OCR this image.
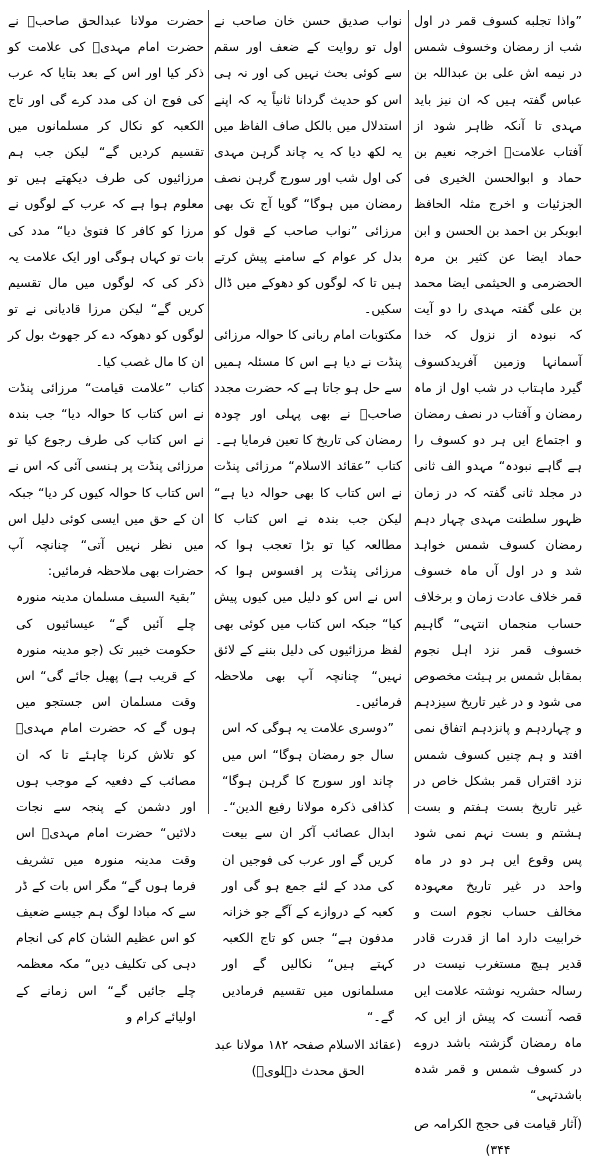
”واذا تجلبه کسوف قمر در اول شب از رمضان وخسوف شمس در نیمه اش علی بن عبداللہ بن عباس گفتہ ہیں کہ ان نیز باید مہدی تا آنکہ ظاہر شود از آفتاب علامتؒ اخرجہ نعیم بن حماد و ابوالحسن الخیری فی الجزئیات و اخرج مثلہ الحافظ ابوبکر بن احمد بن الحسن و ابن حماد ایضا عن کثیر بن مرہ الحضرمی و الحیثمی ایضا محمد بن علی گفتہ مہدی را دو آیت کہ نبودہ از نزول کہ خدا آسمانہا وزمین آفریدکسوف گیرد ماہتاب در شب اول از ماہ رمضان و آفتاب در نصف رمضان و اجتماع ایں ہر دو کسوف را ہے گاہے نبودہ“ مہدو الف ثانی در مجلد ثانی گفتہ کہ در زمان ظہور سلطنت مہدی چہار دہم رمضان کسوف شمس خواہد شد و در اول آں ماہ خسوف قمر خلاف عادت زمان و برخلاف حساب منجماں انتہی“ گاہیم خسوف قمر نزد اہل نجوم بمقابل شمس بر ہیئت مخصوص می شود و در غیر تاریخ سیزدہم و چہاردہم و پانزدہم اتفاق نمی افتد و ہم چنیں کسوف شمس نزد اقتراں قمر بشکل خاص در غیر تاریخ بست ہفتم و بست ہشتم و بست نہم نمی شود پس وقوع ایں ہر دو در ماہ واحد در غیر تاریخ معہودہ مخالف حساب نجوم است و خرابیت دارد اما از قدرت قادر قدیر ہیچ مستغرب نیست در رسالہ حشریہ نوشتہ علامت ایں قصہ آنست کہ پیش از ایں کہ ماہ رمضان گزشتہ باشد دروے در کسوف شمس و قمر شدہ باشدتہی“

(آثار قیامت فی حجج الکرامہ ص ۳۴۴)

نواب صدیق حسن خان صاحب نے اول تو روایت کے ضعف اور سقم سے کوئی بحث نہیں کی اور نہ ہی اس کو حدیث گردانا ثانیاً یہ کہ اپنے استدلال میں بالکل صاف الفاظ میں یہ لکھ دیا کہ یہ چاند گرہن مہدی کی اول شب اور سورج گرہن نصف رمضان میں ہوگا“ گویا آج تک بھی مرزائی ”نواب صاحب کے قول کو بدل کر عوام کے سامنے پیش کرتے ہیں تا کہ لوگوں کو دھوکے میں ڈال سکیں۔

مکتوبات امام ربانی کا حوالہ مرزائی پنڈت نے دیا ہے اس کا مسئلہ ہمیں سے حل ہو جاتا ہے کہ حضرت مجدد صاحبؒ نے بھی پہلی اور چودہ رمضان کی تاریخ کا تعین فرمایا ہے۔

کتاب ”عقائد الاسلام“ مرزائی پنڈت نے اس کتاب کا بھی حوالہ دیا ہے“ لیکن جب بندہ نے اس کتاب کا مطالعہ کیا تو بڑا تعجب ہوا کہ مرزائی پنڈت پر افسوس ہوا کہ اس نے اس کو دلیل میں کیوں پیش کیا“ جبکہ اس کتاب میں کوئی بھی لفظ مرزائیوں کی دلیل بننے کے لائق نہیں“ چنانچہ آپ بھی ملاحظہ فرمائیں۔

”دوسری علامت یہ ہوگی کہ اس سال جو رمضان ہوگا“ اس میں چاند اور سورج کا گرہن ہوگا“ کذافی ذکرہ مولانا رفیع الدین“۔ ابدال عصائب آکر ان سے بیعت کریں گے اور عرب کی فوجیں ان کی مدد کے لئے جمع ہو گی اور کعبہ کے دروازے کے آگے جو خزانہ مدفون ہے“ جس کو تاج الکعبہ کہتے ہیں“ نکالیں گے اور مسلمانوں میں تقسیم فرمادیں گے۔“

(عقائد الاسلام صفحہ ۱۸۲ مولانا عبد الحق محدث دہلویؒ)

حضرت مولانا عبدالحق صاحبؒ نے حضرت امام مہدیؑ کی علامت کو ذکر کیا اور اس کے بعد بتایا کہ عرب کی فوج ان کی مدد کرے گی اور تاج الکعبہ کو نکال کر مسلمانوں میں تقسیم کردیں گے“ لیکن جب ہم مرزائیوں کی طرف دیکھتے ہیں تو معلوم ہوا ہے کہ عرب کے لوگوں نے مرزا کو کافر کا فتویٰ دیا“ مدد کی بات تو کہاں ہوگی اور ایک علامت یہ ذکر کی کہ لوگوں میں مال تقسیم کریں گے“ لیکن مرزا قادیانی نے تو لوگوں کو دھوکہ دے کر جھوٹ بول کر ان کا مال غصب کیا۔

کتاب ”علامت قیامت“ مرزائی پنڈت نے اس کتاب کا حوالہ دیا“ جب بندہ نے اس کتاب کی طرف رجوع کیا تو مرزائی پنڈت پر ہنسی آئی کہ اس نے اس کتاب کا حوالہ کیوں کر دیا“ جبکہ ان کے حق میں ایسی کوئی دلیل اس میں نظر نہیں آتی“ چنانچہ آپ حضرات بھی ملاحظہ فرمائیں:

”بقیۃ السیف مسلمان مدینہ منورہ چلے آئیں گے“ عیسائیوں کی حکومت خیبر تک (جو مدینہ منورہ کے قریب ہے) پھیل جائے گی“ اس وقت مسلمان اس جستجو میں ہوں گے کہ حضرت امام مہدیؑ کو تلاش کرنا چاہئے تا کہ ان مصائب کے دفعیہ کے موجب ہوں اور دشمن کے پنجہ سے نجات دلائیں“ حضرت امام مہدیؑ اس وقت مدینہ منورہ میں تشریف فرما ہوں گے“ مگر اس بات کے ڈر سے کہ مبادا لوگ ہم جیسے ضعیف کو اس عظیم الشان کام کی انجام دہی کی تکلیف دیں“ مکہ معظمہ چلے جائیں گے“ اس زمانے کے اولیائے کرام و
